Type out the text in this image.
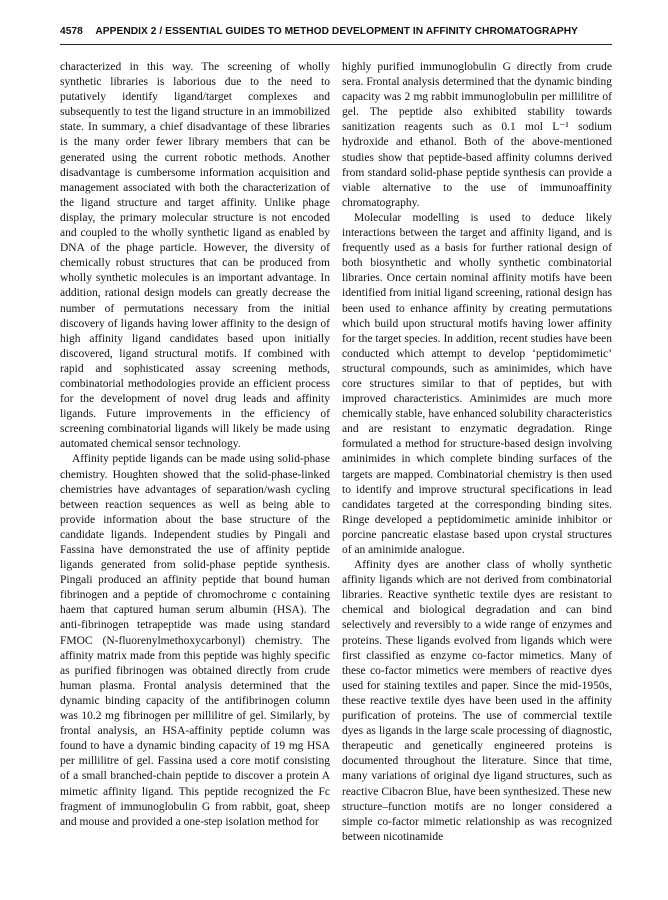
4578 APPENDIX 2 / ESSENTIAL GUIDES TO METHOD DEVELOPMENT IN AFFINITY CHROMATOGRAPHY

characterized in this way. The screening of wholly synthetic libraries is laborious due to the need to putatively identify ligand/target complexes and subsequently to test the ligand structure in an immobilized state. In summary, a chief disadvantage of these libraries is the many order fewer library members that can be generated using the current robotic methods. Another disadvantage is cumbersome information acquisition and management associated with both the characterization of the ligand structure and target affinity. Unlike phage display, the primary molecular structure is not encoded and coupled to the wholly synthetic ligand as enabled by DNA of the phage particle. However, the diversity of chemically robust structures that can be produced from wholly synthetic molecules is an important advantage. In addition, rational design models can greatly decrease the number of permutations necessary from the initial discovery of ligands having lower affinity to the design of high affinity ligand candidates based upon initially discovered, ligand structural motifs. If combined with rapid and sophisticated assay screening methods, combinatorial methodologies provide an efficient process for the development of novel drug leads and affinity ligands. Future improvements in the efficiency of screening combinatorial ligands will likely be made using automated chemical sensor technology.

Affinity peptide ligands can be made using solid-phase chemistry. Houghten showed that the solid-phase-linked chemistries have advantages of separation/wash cycling between reaction sequences as well as being able to provide information about the base structure of the candidate ligands. Independent studies by Pingali and Fassina have demonstrated the use of affinity peptide ligands generated from solid-phase peptide synthesis. Pingali produced an affinity peptide that bound human fibrinogen and a peptide of chromochrome c containing haem that captured human serum albumin (HSA). The anti-fibrinogen tetrapeptide was made using standard FMOC (N-fluorenylmethoxycarbonyl) chemistry. The affinity matrix made from this peptide was highly specific as purified fibrinogen was obtained directly from crude human plasma. Frontal analysis determined that the dynamic binding capacity of the antifibrinogen column was 10.2 mg fibrinogen per millilitre of gel. Similarly, by frontal analysis, an HSA-affinity peptide column was found to have a dynamic binding capacity of 19 mg HSA per millilitre of gel. Fassina used a core motif consisting of a small branched-chain peptide to discover a protein A mimetic affinity ligand. This peptide recognized the Fc fragment of immunoglobulin G from rabbit, goat, sheep and mouse and provided a one-step isolation method for

highly purified immunoglobulin G directly from crude sera. Frontal analysis determined that the dynamic binding capacity was 2 mg rabbit immunoglobulin per millilitre of gel. The peptide also exhibited stability towards sanitization reagents such as 0.1 mol L⁻¹ sodium hydroxide and ethanol. Both of the above-mentioned studies show that peptide-based affinity columns derived from standard solid-phase peptide synthesis can provide a viable alternative to the use of immunoaffinity chromatography.

Molecular modelling is used to deduce likely interactions between the target and affinity ligand, and is frequently used as a basis for further rational design of both biosynthetic and wholly synthetic combinatorial libraries. Once certain nominal affinity motifs have been identified from initial ligand screening, rational design has been used to enhance affinity by creating permutations which build upon structural motifs having lower affinity for the target species. In addition, recent studies have been conducted which attempt to develop ‘peptidomimetic’ structural compounds, such as aminimides, which have core structures similar to that of peptides, but with improved characteristics. Aminimides are much more chemically stable, have enhanced solubility characteristics and are resistant to enzymatic degradation. Ringe formulated a method for structure-based design involving aminimides in which complete binding surfaces of the targets are mapped. Combinatorial chemistry is then used to identify and improve structural specifications in lead candidates targeted at the corresponding binding sites. Ringe developed a peptidomimetic aminide inhibitor or porcine pancreatic elastase based upon crystal structures of an aminimide analogue.

Affinity dyes are another class of wholly synthetic affinity ligands which are not derived from combinatorial libraries. Reactive synthetic textile dyes are resistant to chemical and biological degradation and can bind selectively and reversibly to a wide range of enzymes and proteins. These ligands evolved from ligands which were first classified as enzyme co-factor mimetics. Many of these co-factor mimetics were members of reactive dyes used for staining textiles and paper. Since the mid-1950s, these reactive textile dyes have been used in the affinity purification of proteins. The use of commercial textile dyes as ligands in the large scale processing of diagnostic, therapeutic and genetically engineered proteins is documented throughout the literature. Since that time, many variations of original dye ligand structures, such as reactive Cibacron Blue, have been synthesized. These new structure–function motifs are no longer considered a simple co-factor mimetic relationship as was recognized between nicotinamide
